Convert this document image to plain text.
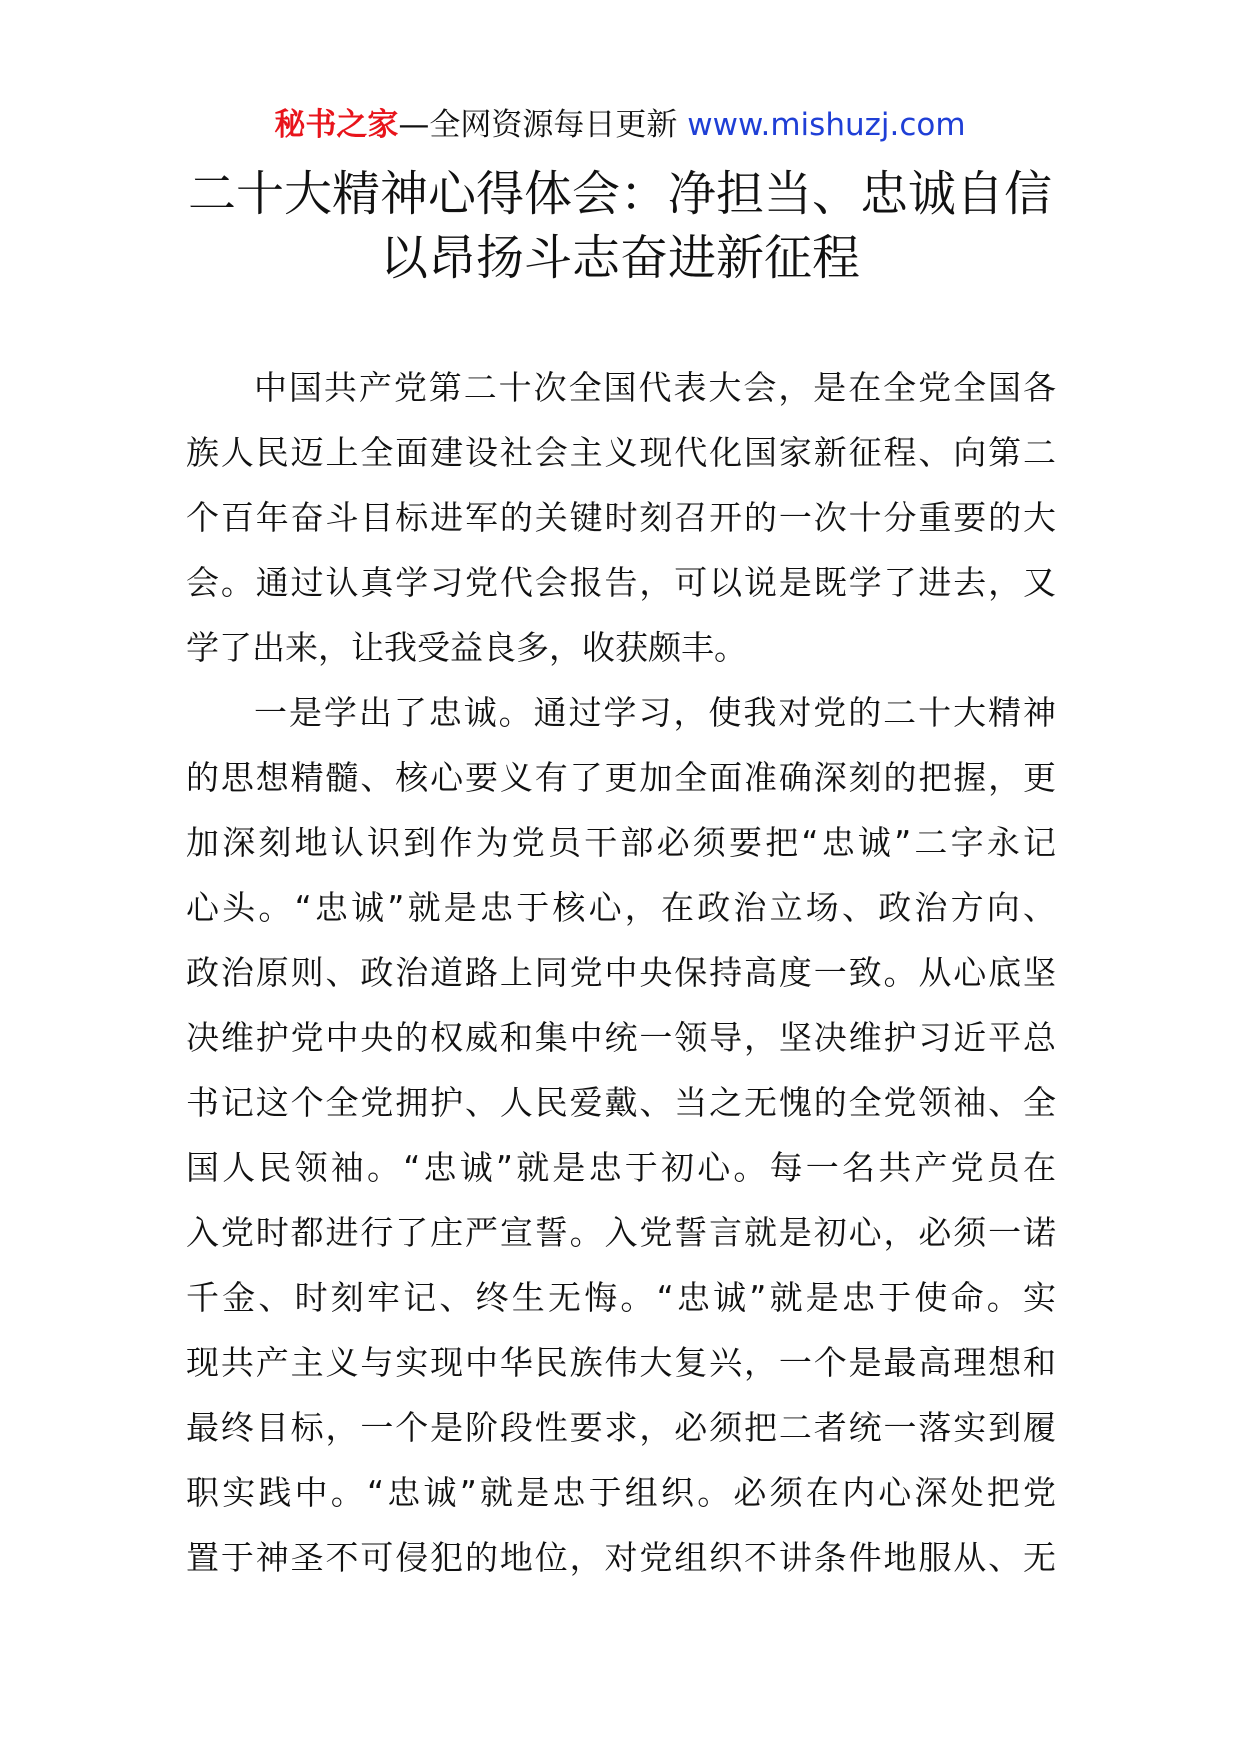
秘书之家—全网资源每日更新 www.mishuzj.com
二十大精神心得体会：净担当、忠诚自信
以昂扬斗志奋进新征程

中国共产党第二十次全国代表大会，是在全党全国各
族人民迈上全面建设社会主义现代化国家新征程、向第二
个百年奋斗目标进军的关键时刻召开的一次十分重要的大
会。通过认真学习党代会报告，可以说是既学了进去，又
学了出来，让我受益良多，收获颇丰。

一是学出了忠诚。通过学习，使我对党的二十大精神
的思想精髓、核心要义有了更加全面准确深刻的把握，更
加深刻地认识到作为党员干部必须要把“忠诚”二字永记
心头。“忠诚”就是忠于核心，在政治立场、政治方向、
政治原则、政治道路上同党中央保持高度一致。从心底坚
决维护党中央的权威和集中统一领导，坚决维护习近平总
书记这个全党拥护、人民爱戴、当之无愧的全党领袖、全
国人民领袖。“忠诚”就是忠于初心。每一名共产党员在
入党时都进行了庄严宣誓。入党誓言就是初心，必须一诺
千金、时刻牢记、终生无悔。“忠诚”就是忠于使命。实
现共产主义与实现中华民族伟大复兴，一个是最高理想和
最终目标，一个是阶段性要求，必须把二者统一落实到履
职实践中。“忠诚”就是忠于组织。必须在内心深处把党
置于神圣不可侵犯的地位，对党组织不讲条件地服从、无
